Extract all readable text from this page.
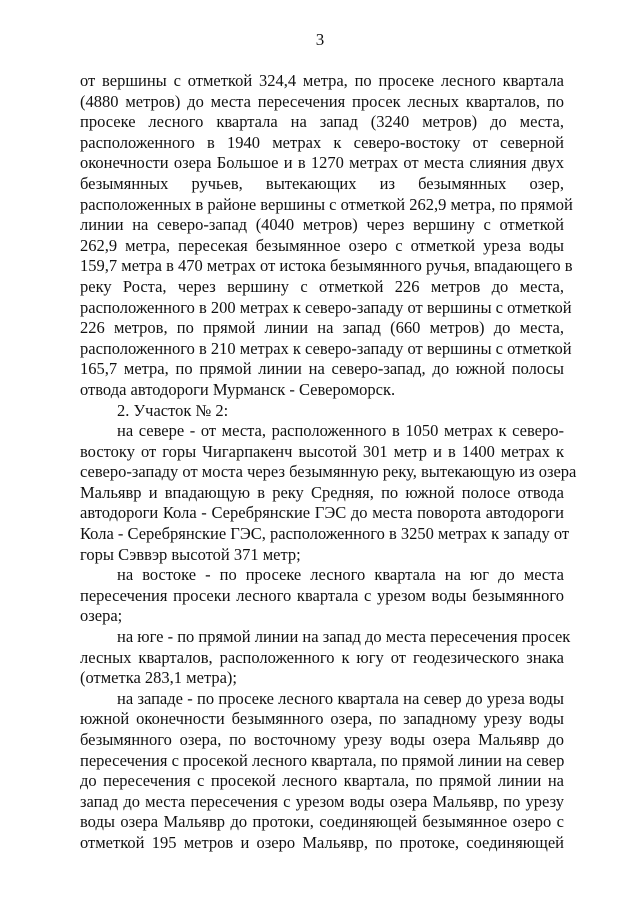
3
от вершины с отметкой 324,4 метра, по просеке лесного квартала
(4880 метров) до места пересечения просек лесных кварталов, по
просеке лесного квартала на запад (3240 метров) до места,
расположенного в 1940 метрах к северо-востоку от северной
оконечности озера Большое и в 1270 метрах от места слияния двух
безымянных ручьев, вытекающих из безымянных озер,
расположенных в районе вершины с отметкой 262,9 метра, по прямой
линии на северо-запад (4040 метров) через вершину с отметкой
262,9 метра, пересекая безымянное озеро с отметкой уреза воды
159,7 метра в 470 метрах от истока безымянного ручья, впадающего в
реку Роста, через вершину с отметкой 226 метров до места,
расположенного в 200 метрах к северо-западу от вершины с отметкой
226 метров, по прямой линии на запад (660 метров) до места,
расположенного в 210 метрах к северо-западу от вершины с отметкой
165,7 метра, по прямой линии на северо-запад, до южной полосы
отвода автодороги Мурманск - Североморск.
2. Участок № 2:
на севере - от места, расположенного в 1050 метрах к северо-
востоку от горы Чигарпакенч высотой 301 метр и в 1400 метрах к
северо-западу от моста через безымянную реку, вытекающую из озера
Мальявр и впадающую в реку Средняя, по южной полосе отвода
автодороги Кола - Серебрянские ГЭС до места поворота автодороги
Кола - Серебрянские ГЭС, расположенного в 3250 метрах к западу от
горы Сэввэр высотой 371 метр;
на востоке - по просеке лесного квартала на юг до места
пересечения просеки лесного квартала с урезом воды безымянного
озера;
на юге - по прямой линии на запад до места пересечения просек
лесных кварталов, расположенного к югу от геодезического знака
(отметка 283,1 метра);
на западе - по просеке лесного квартала на север до уреза воды
южной оконечности безымянного озера, по западному урезу воды
безымянного озера, по восточному урезу воды озера Мальявр до
пересечения с просекой лесного квартала, по прямой линии на север
до пересечения с просекой лесного квартала, по прямой линии на
запад до места пересечения с урезом воды озера Мальявр, по урезу
воды озера Мальявр до протоки, соединяющей безымянное озеро с
отметкой 195 метров и озеро Мальявр, по протоке, соединяющей
